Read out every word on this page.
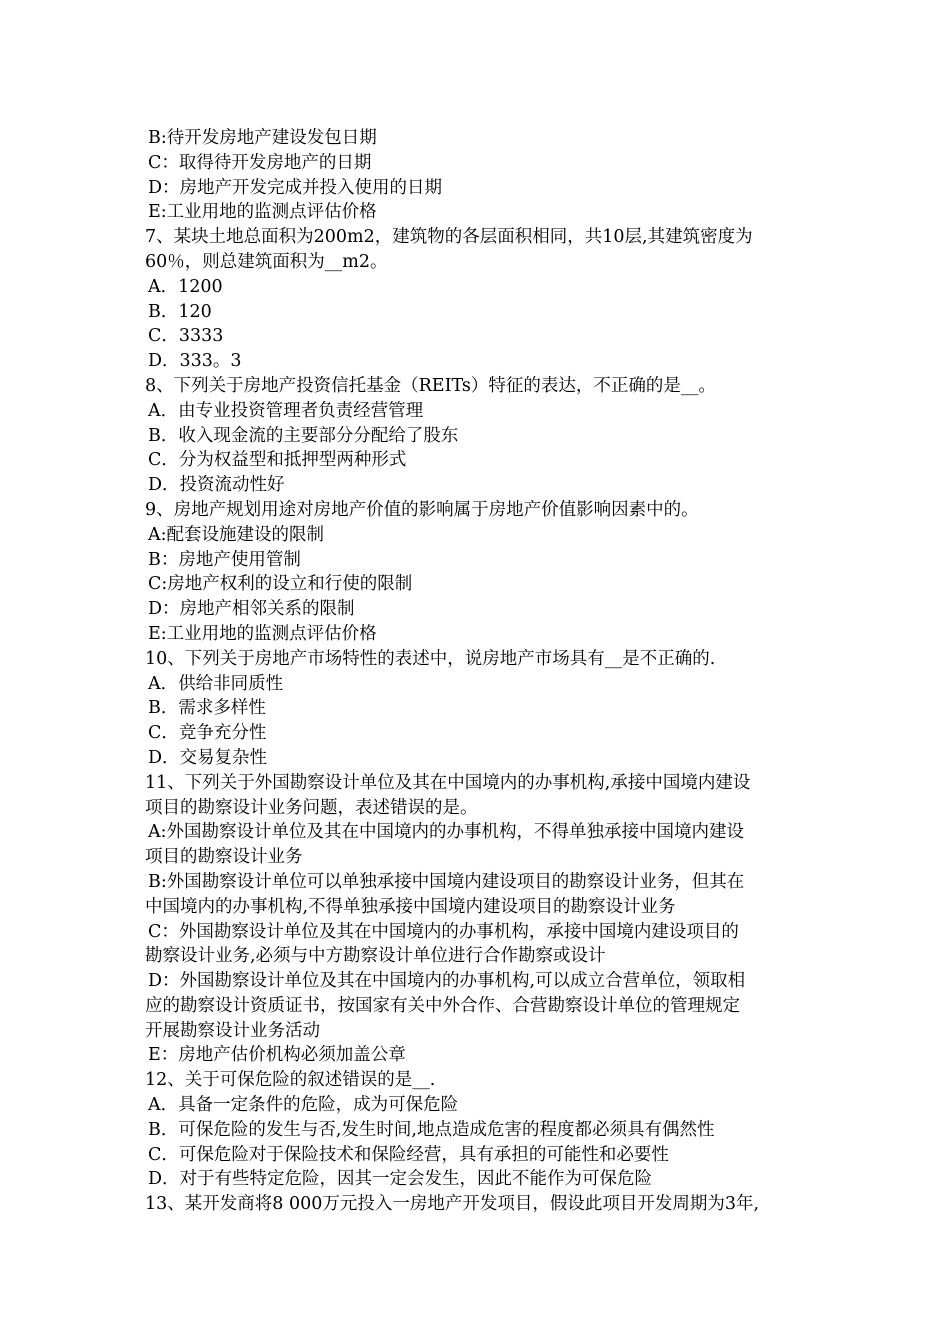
B:待开发房地产建设发包日期
C：取得待开发房地产的日期
D：房地产开发完成并投入使用的日期
E:工业用地的监测点评估价格
7、某块土地总面积为200m2，建筑物的各层面积相同，共10层,其建筑密度为
60％，则总建筑面积为__m2。
A．1200
B．120
C．3333
D．333。3
8、下列关于房地产投资信托基金（REITs）特征的表达，不正确的是__。
A．由专业投资管理者负责经营管理
B．收入现金流的主要部分分配给了股东
C．分为权益型和抵押型两种形式
D．投资流动性好
9、房地产规划用途对房地产价值的影响属于房地产价值影响因素中的。
A:配套设施建设的限制
B：房地产使用管制
C:房地产权利的设立和行使的限制
D：房地产相邻关系的限制
E:工业用地的监测点评估价格
10、下列关于房地产市场特性的表述中，说房地产市场具有__是不正确的.
A．供给非同质性
B．需求多样性
C．竞争充分性
D．交易复杂性
11、下列关于外国勘察设计单位及其在中国境内的办事机构,承接中国境内建设
项目的勘察设计业务问题，表述错误的是。
A:外国勘察设计单位及其在中国境内的办事机构，不得单独承接中国境内建设
项目的勘察设计业务
B:外国勘察设计单位可以单独承接中国境内建设项目的勘察设计业务，但其在
中国境内的办事机构,不得单独承接中国境内建设项目的勘察设计业务
C：外国勘察设计单位及其在中国境内的办事机构，承接中国境内建设项目的
勘察设计业务,必须与中方勘察设计单位进行合作勘察或设计
D：外国勘察设计单位及其在中国境内的办事机构,可以成立合营单位，领取相
应的勘察设计资质证书，按国家有关中外合作、合营勘察设计单位的管理规定
开展勘察设计业务活动
E：房地产估价机构必须加盖公章
12、关于可保危险的叙述错误的是__.
A．具备一定条件的危险，成为可保危险
B．可保危险的发生与否,发生时间,地点造成危害的程度都必须具有偶然性
C．可保危险对于保险技术和保险经营，具有承担的可能性和必要性
D．对于有些特定危险，因其一定会发生，因此不能作为可保危险
13、某开发商将8 000万元投入一房地产开发项目，假设此项目开发周期为3年,
